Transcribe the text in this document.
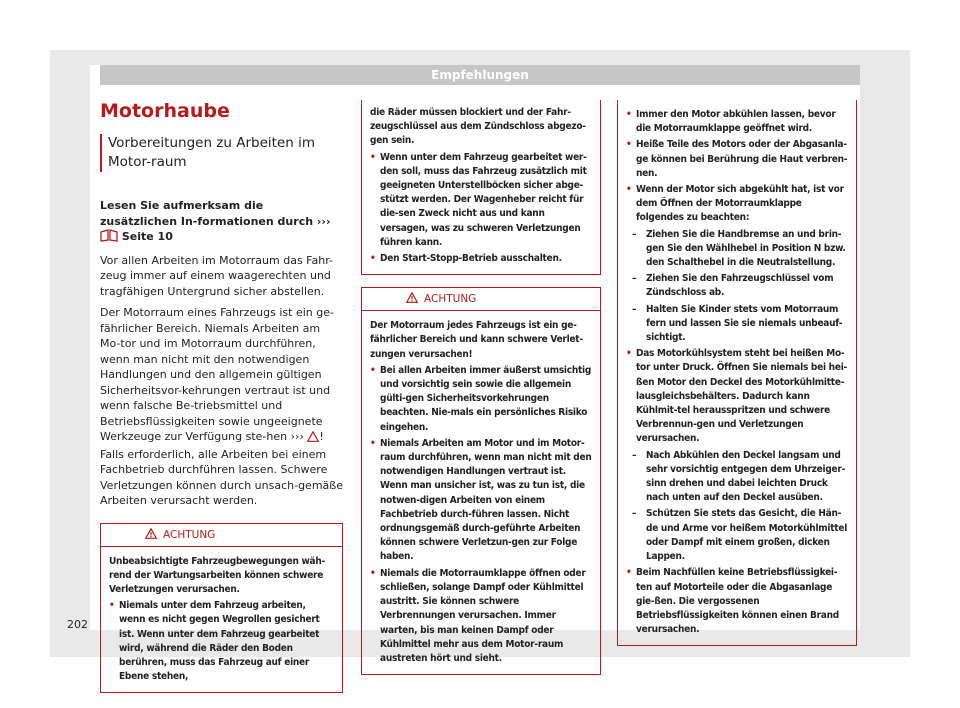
Empfehlungen
Motorhaube
Vorbereitungen zu Arbeiten im Motor-raum
Lesen Sie aufmerksam die zusätzlichen In-formationen durch ›››  Seite 10

Vor allen Arbeiten im Motorraum das Fahr-zeug immer auf einem waagerechten und tragfähigen Untergrund sicher abstellen.

Der Motorraum eines Fahrzeugs ist ein ge-fährlicher Bereich. Niemals Arbeiten am Mo-tor und im Motorraum durchführen, wenn man nicht mit den notwendigen Handlungen und den allgemein gültigen Sicherheitsvor-kehrungen vertraut ist und wenn falsche Be-triebsmittel und Betriebsflüssigkeiten sowie ungeeignete Werkzeuge zur Verfügung ste-hen ››› ! Falls erforderlich, alle Arbeiten bei einem Fachbetrieb durchführen lassen. Schwere Verletzungen können durch unsach-gemäße Arbeiten verursacht werden.

ACHTUNG
Unbeabsichtigte Fahrzeugbewegungen wäh-rend der Wartungsarbeiten können schwere Verletzungen verursachen.
• Niemals unter dem Fahrzeug arbeiten, wenn es nicht gegen Wegrollen gesichert ist. Wenn unter dem Fahrzeug gearbeitet wird, während die Räder den Boden berühren, muss das Fahrzeug auf einer Ebene stehen,
die Räder müssen blockiert und der Fahr-zeugschlüssel aus dem Zündschloss abgezo-gen sein.
• Wenn unter dem Fahrzeug gearbeitet wer-den soll, muss das Fahrzeug zusätzlich mit geeigneten Unterstellböcken sicher abge-stützt werden. Der Wagenheber reicht für die-sen Zweck nicht aus und kann versagen, was zu schweren Verletzungen führen kann.
• Den Start-Stopp-Betrieb ausschalten.
ACHTUNG
Der Motorraum jedes Fahrzeugs ist ein ge-fährlicher Bereich und kann schwere Verlet-zungen verursachen!
• Bei allen Arbeiten immer äußerst umsichtig und vorsichtig sein sowie die allgemein gülti-gen Sicherheitsvorkehrungen beachten. Nie-mals ein persönliches Risiko eingehen.
• Niemals Arbeiten am Motor und im Motor-raum durchführen, wenn man nicht mit den notwendigen Handlungen vertraut ist. Wenn man unsicher ist, was zu tun ist, die notwen-digen Arbeiten von einem Fachbetrieb durch-führen lassen. Nicht ordnungsgemäß durch-geführte Arbeiten können schwere Verletzun-gen zur Folge haben.
• Niemals die Motorraumklappe öffnen oder schließen, solange Dampf oder Kühlmittel austritt. Sie können schwere Verbrennungen verursachen. Immer warten, bis man keinen Dampf oder Kühlmittel mehr aus dem Motor-raum austreten hört und sieht.
• Immer den Motor abkühlen lassen, bevor die Motorraumklappe geöffnet wird.
• Heiße Teile des Motors oder der Abgasanla-ge können bei Berührung die Haut verbren-nen.
• Wenn der Motor sich abgekühlt hat, ist vor dem Öffnen der Motorraumklappe folgendes zu beachten:
– Ziehen Sie die Handbremse an und brin-gen Sie den Wählhebel in Position N bzw. den Schalthebel in die Neutralstellung.
– Ziehen Sie den Fahrzeugschlüssel vom Zündschloss ab.
– Halten Sie Kinder stets vom Motorraum fern und lassen Sie sie niemals unbeauf-sichtigt.
• Das Motorkühlsystem steht bei heißen Mo-tor unter Druck. Öffnen Sie niemals bei hei-ßen Motor den Deckel des Motorkühlmitte-lausgleichsbehälters. Dadurch kann Kühlmit-tel herausspritzen und schwere Verbrennun-gen und Verletzungen verursachen.
– Nach Abkühlen den Deckel langsam und sehr vorsichtig entgegen dem Uhrzeiger-sinn drehen und dabei leichten Druck nach unten auf den Deckel ausüben.
– Schützen Sie stets das Gesicht, die Hän-de und Arme vor heißem Motorkühlmittel oder Dampf mit einem großen, dicken Lappen.
• Beim Nachfüllen keine Betriebsflüssigkei-ten auf Motorteile oder die Abgasanlage gie-ßen. Die vergossenen Betriebsflüssigkeiten können einen Brand verursachen.
202
